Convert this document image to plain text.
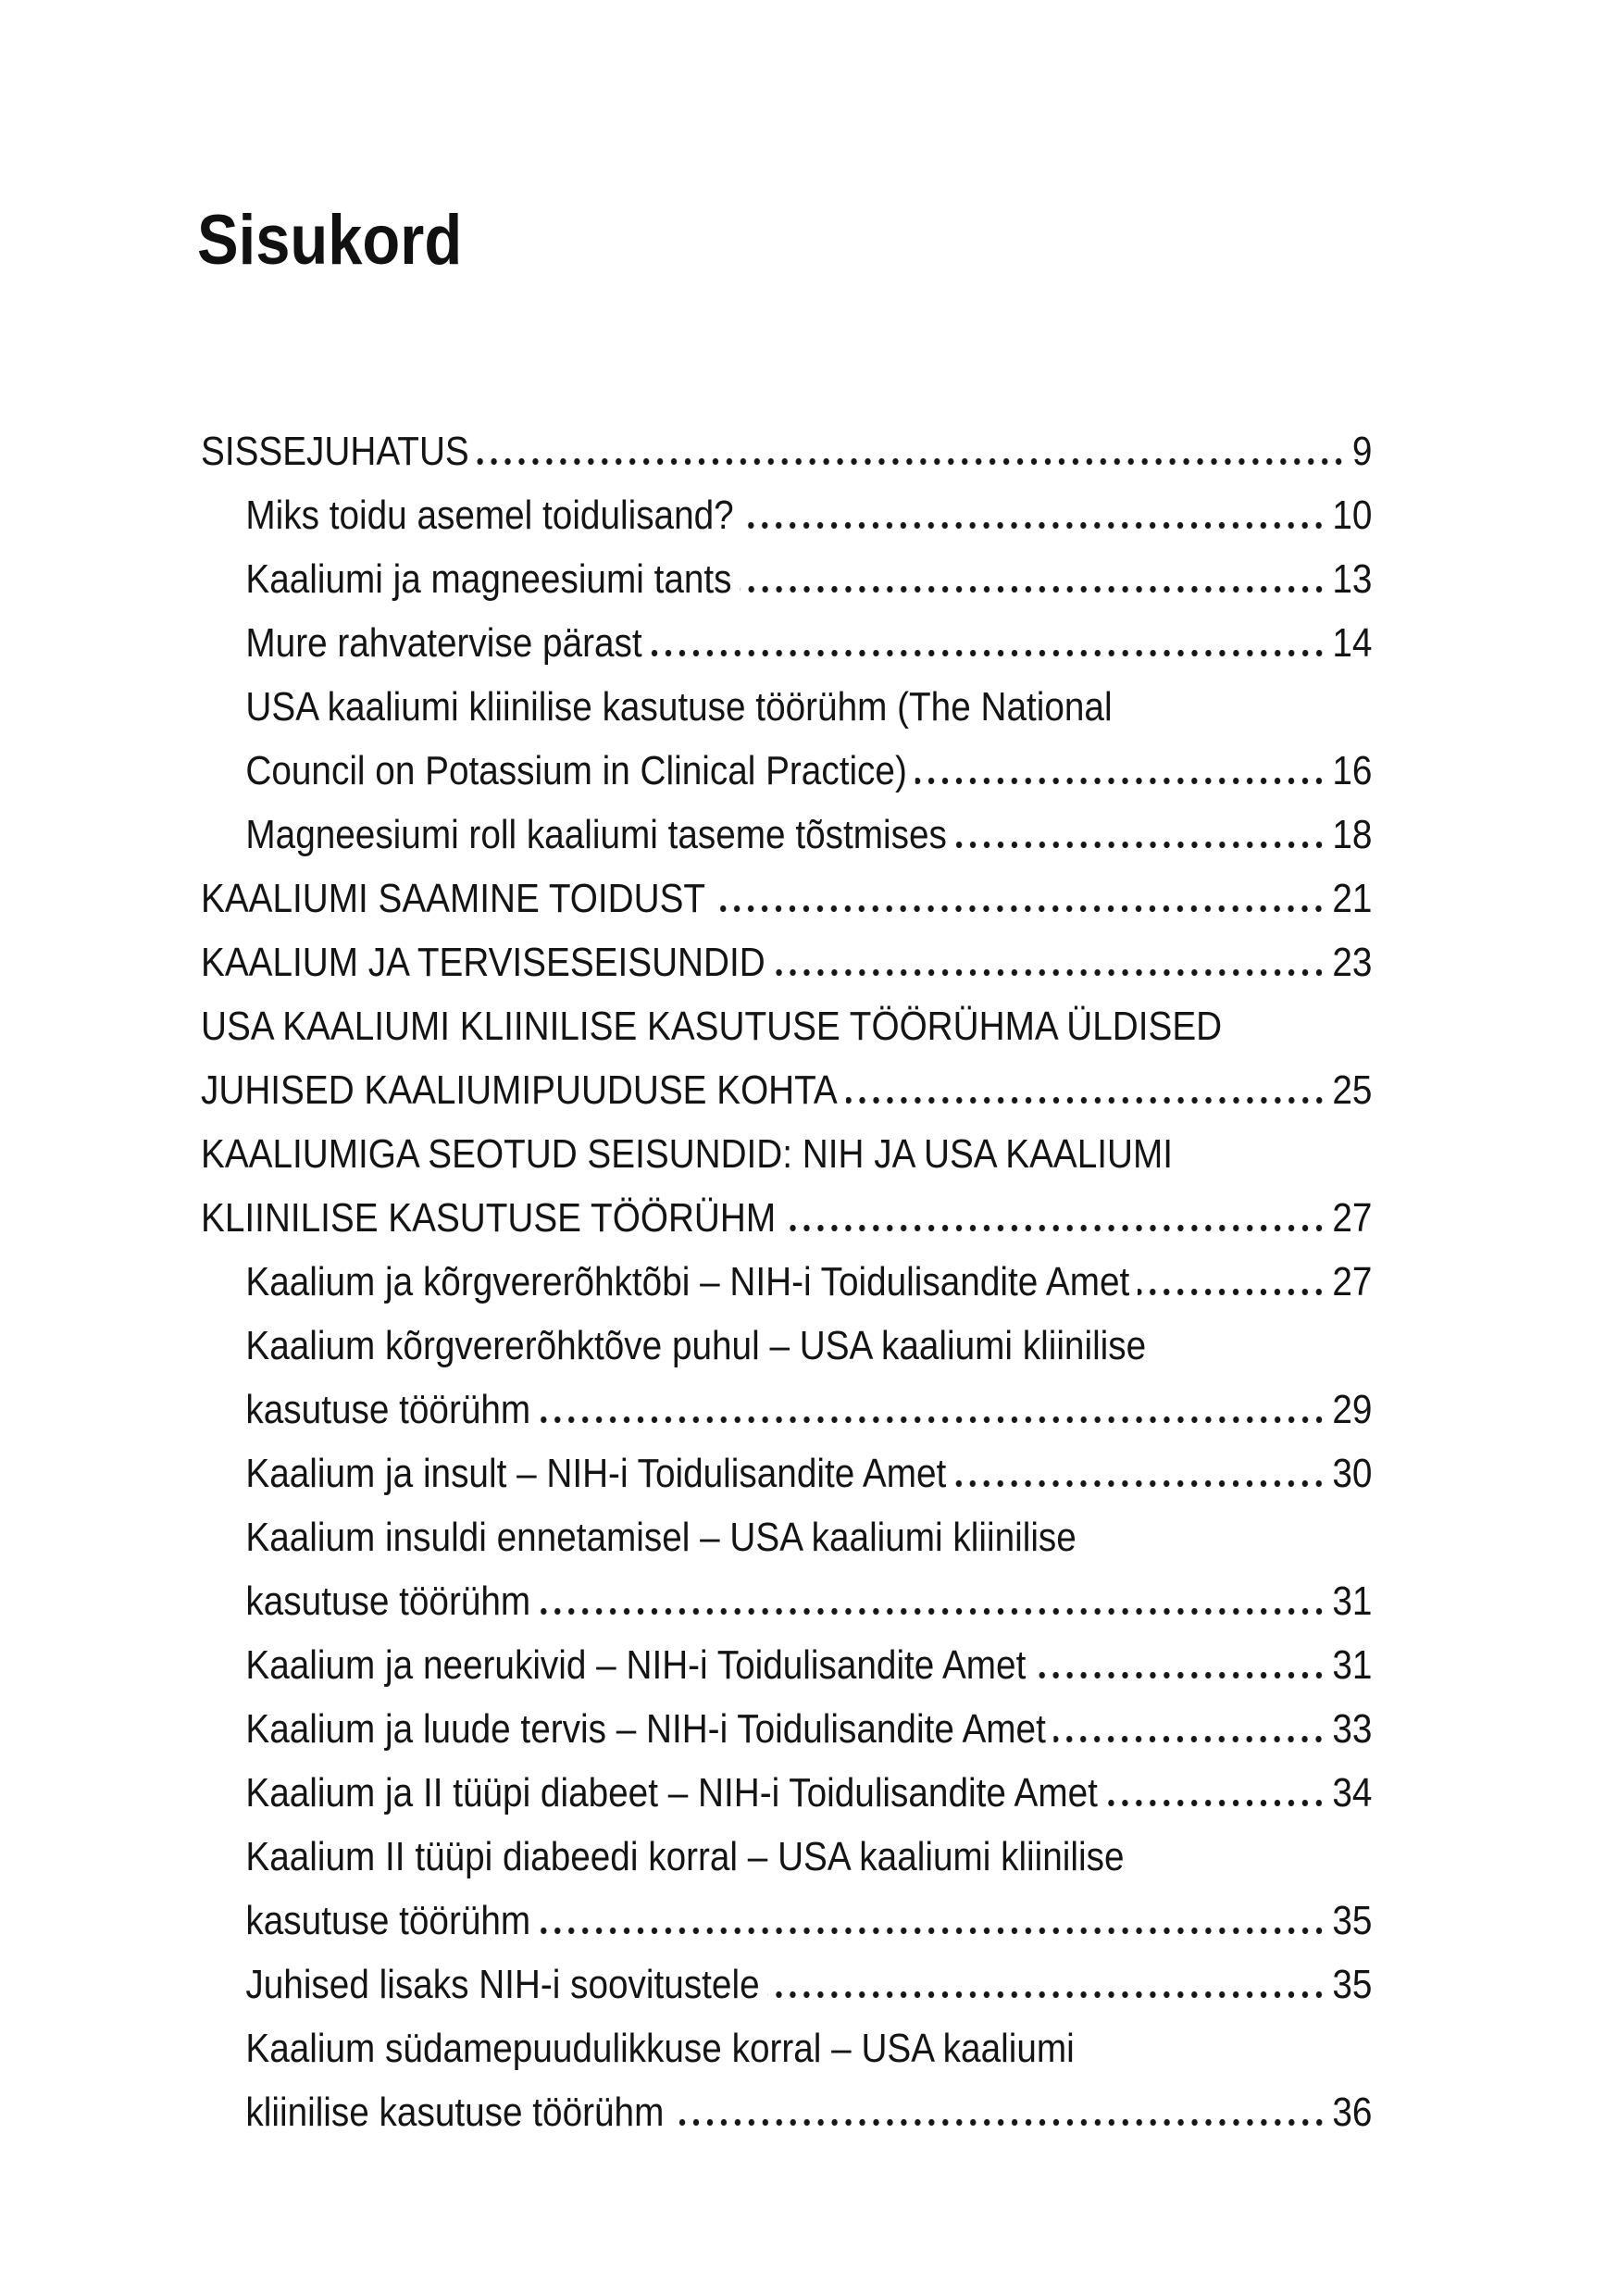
Sisukord
SISSEJUHATUS	9
Miks toidu asemel toidulisand?	10
Kaaliumi ja magneesiumi tants	13
Mure rahvatervise pärast	14
USA kaaliumi kliinilise kasutuse töörühm (The National
Council on Potassium in Clinical Practice)	16
Magneesiumi roll kaaliumi taseme tõstmises	18
KAALIUMI SAAMINE TOIDUST	21
KAALIUM JA TERVISESEISUNDID	23
USA KAALIUMI KLIINILISE KASUTUSE TÖÖRÜHMA ÜLDISED
JUHISED KAALIUMIPUUDUSE KOHTA	25
KAALIUMIGA SEOTUD SEISUNDID: NIH JA USA KAALIUMI
KLIINILISE KASUTUSE TÖÖRÜHM	27
Kaalium ja kõrgvererõhktõbi – NIH-i Toidulisandite Amet	27
Kaalium kõrgvererõhktõve puhul – USA kaaliumi kliinilise
kasutuse töörühm	29
Kaalium ja insult – NIH-i Toidulisandite Amet	30
Kaalium insuldi ennetamisel – USA kaaliumi kliinilise
kasutuse töörühm	31
Kaalium ja neerukivid – NIH-i Toidulisandite Amet	31
Kaalium ja luude tervis – NIH-i Toidulisandite Amet	33
Kaalium ja II tüüpi diabeet – NIH-i Toidulisandite Amet	34
Kaalium II tüüpi diabeedi korral – USA kaaliumi kliinilise
kasutuse töörühm	35
Juhised lisaks NIH-i soovitustele	35
Kaalium südamepuudulikkuse korral – USA kaaliumi
kliinilise kasutuse töörühm	36
